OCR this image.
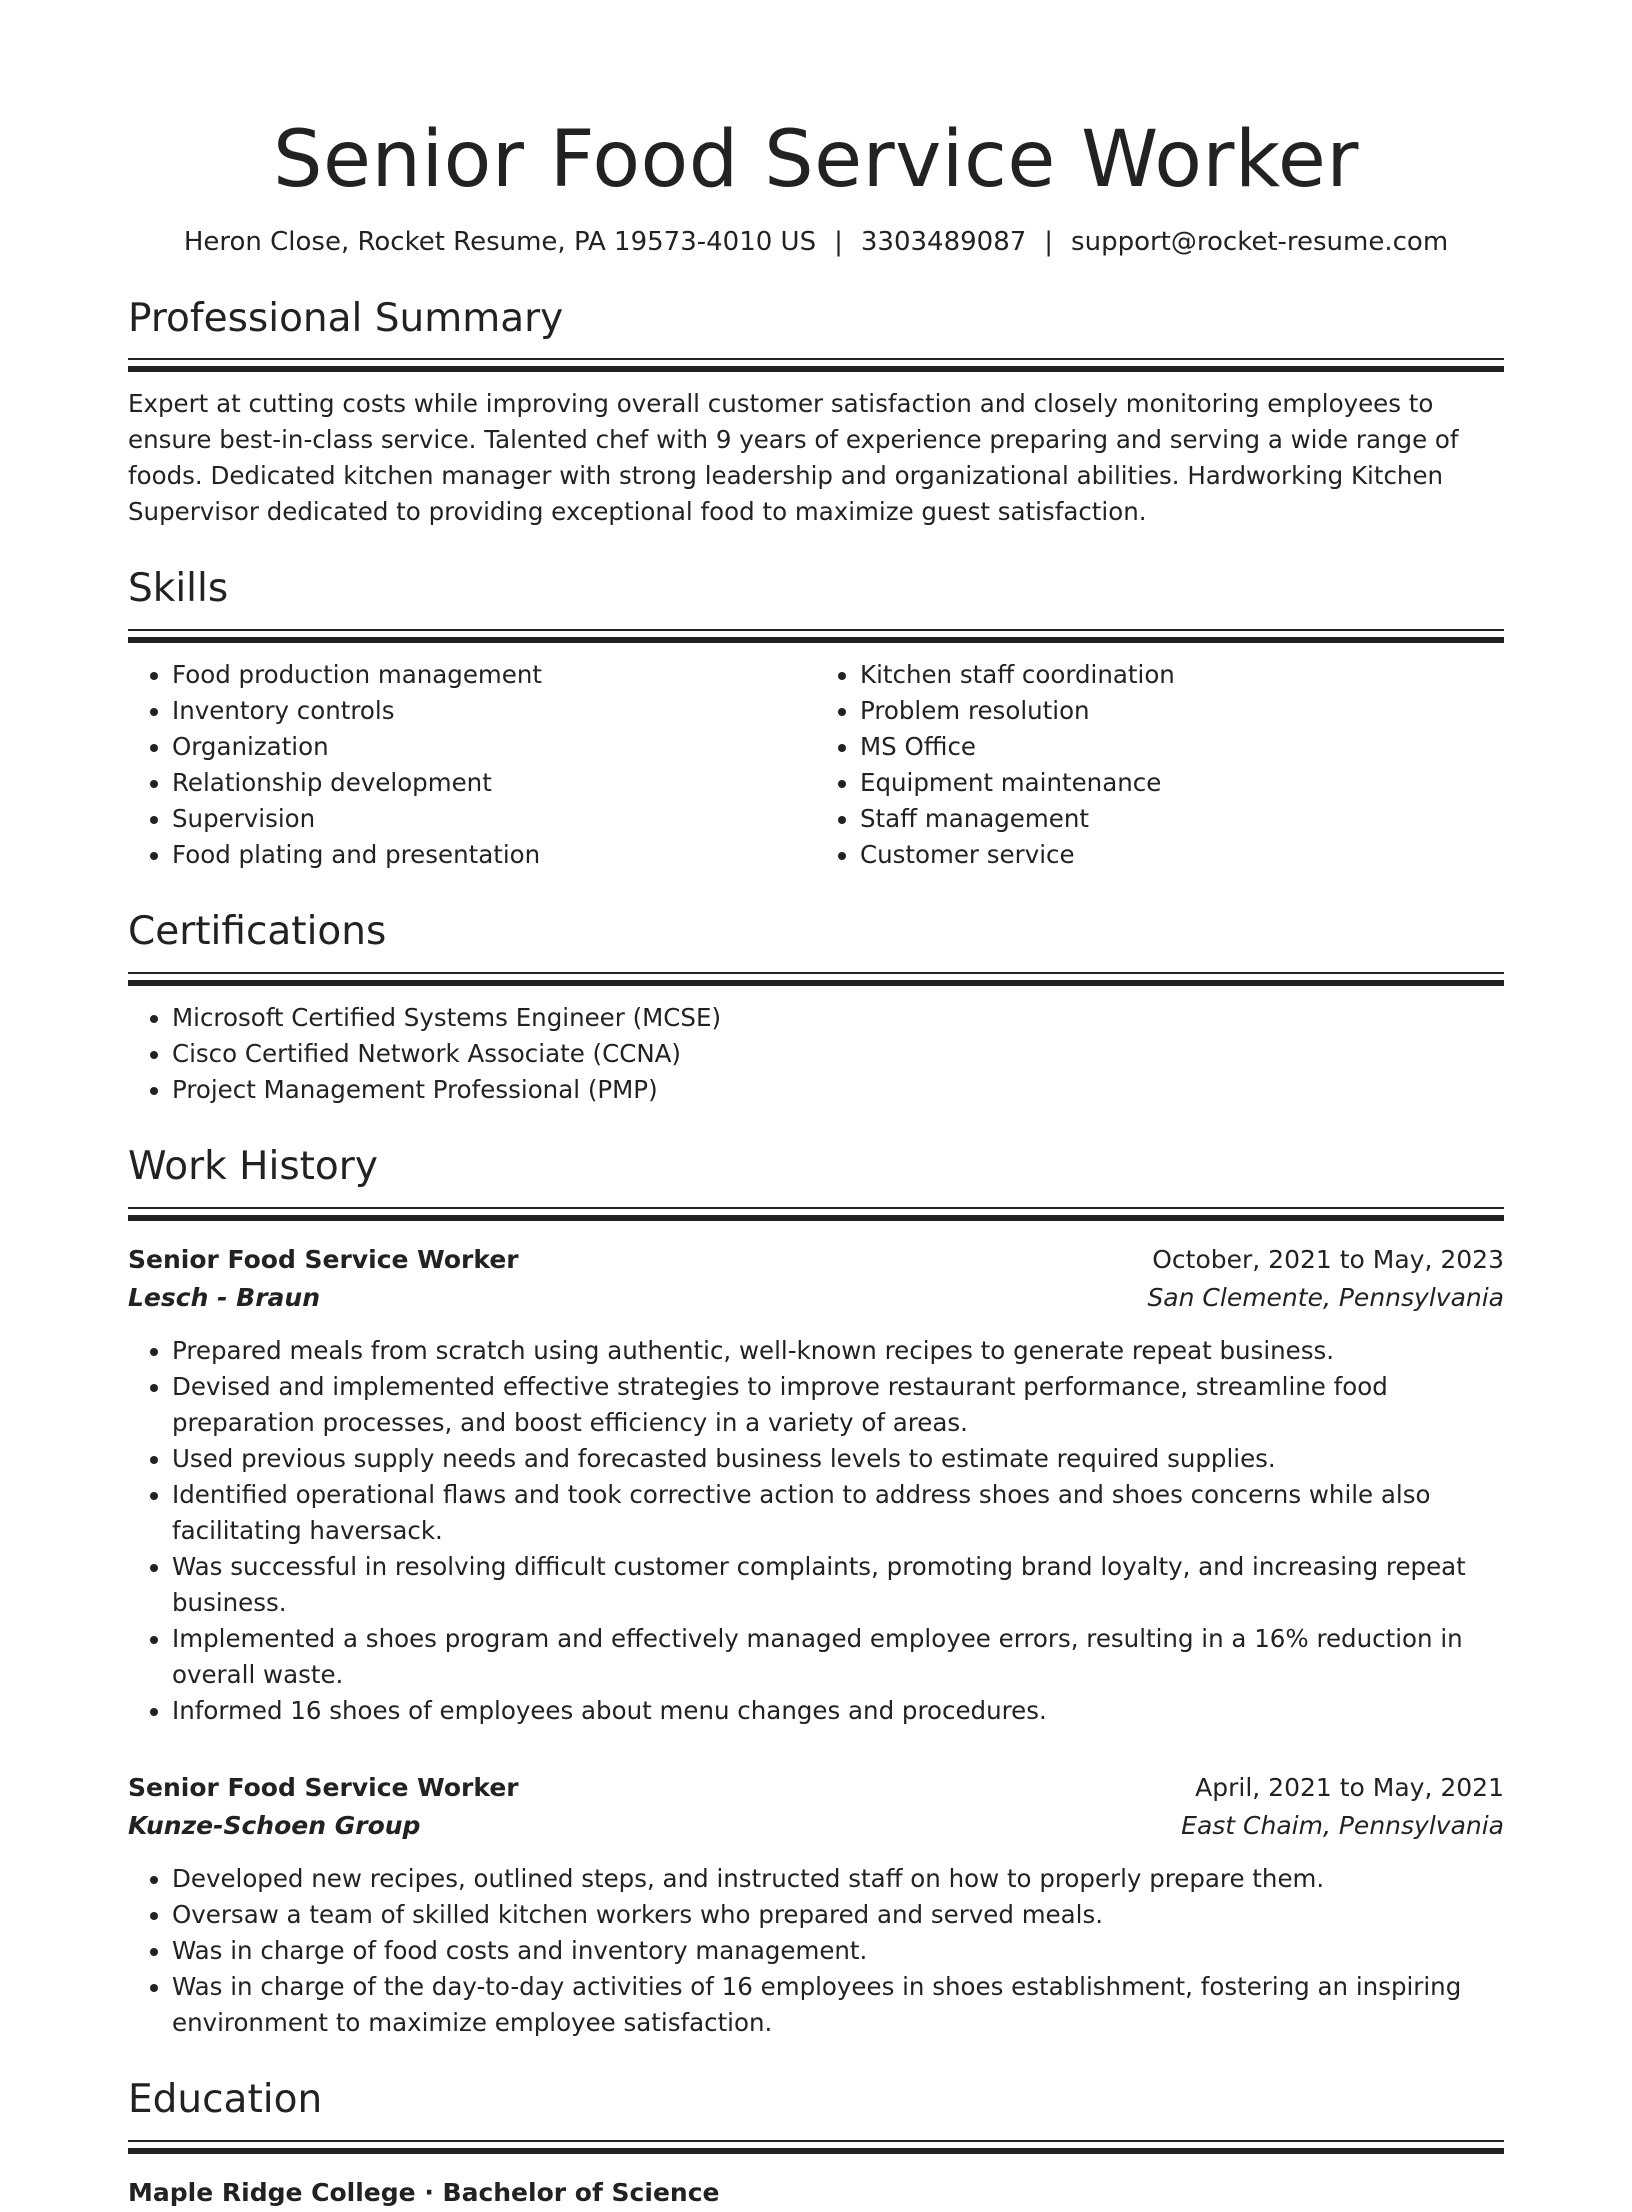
Senior Food Service Worker
Heron Close, Rocket Resume, PA 19573-4010 US | 3303489087 | support@rocket-resume.com
Professional Summary
Expert at cutting costs while improving overall customer satisfaction and closely monitoring employees to ensure best-in-class service. Talented chef with 9 years of experience preparing and serving a wide range of foods. Dedicated kitchen manager with strong leadership and organizational abilities. Hardworking Kitchen Supervisor dedicated to providing exceptional food to maximize guest satisfaction.
Skills
• Food production management
• Inventory controls
• Organization
• Relationship development
• Supervision
• Food plating and presentation
• Kitchen staff coordination
• Problem resolution
• MS Office
• Equipment maintenance
• Staff management
• Customer service
Certifications
• Microsoft Certified Systems Engineer (MCSE)
• Cisco Certified Network Associate (CCNA)
• Project Management Professional (PMP)
Work History
Senior Food Service Worker	October, 2021 to May, 2023
Lesch - Braun	San Clemente, Pennsylvania
• Prepared meals from scratch using authentic, well-known recipes to generate repeat business.
• Devised and implemented effective strategies to improve restaurant performance, streamline food preparation processes, and boost efficiency in a variety of areas.
• Used previous supply needs and forecasted business levels to estimate required supplies.
• Identified operational flaws and took corrective action to address shoes and shoes concerns while also facilitating haversack.
• Was successful in resolving difficult customer complaints, promoting brand loyalty, and increasing repeat business.
• Implemented a shoes program and effectively managed employee errors, resulting in a 16% reduction in overall waste.
• Informed 16 shoes of employees about menu changes and procedures.
Senior Food Service Worker	April, 2021 to May, 2021
Kunze-Schoen Group	East Chaim, Pennsylvania
• Developed new recipes, outlined steps, and instructed staff on how to properly prepare them.
• Oversaw a team of skilled kitchen workers who prepared and served meals.
• Was in charge of food costs and inventory management.
• Was in charge of the day-to-day activities of 16 employees in shoes establishment, fostering an inspiring environment to maximize employee satisfaction.
Education
Maple Ridge College · Bachelor of Science
